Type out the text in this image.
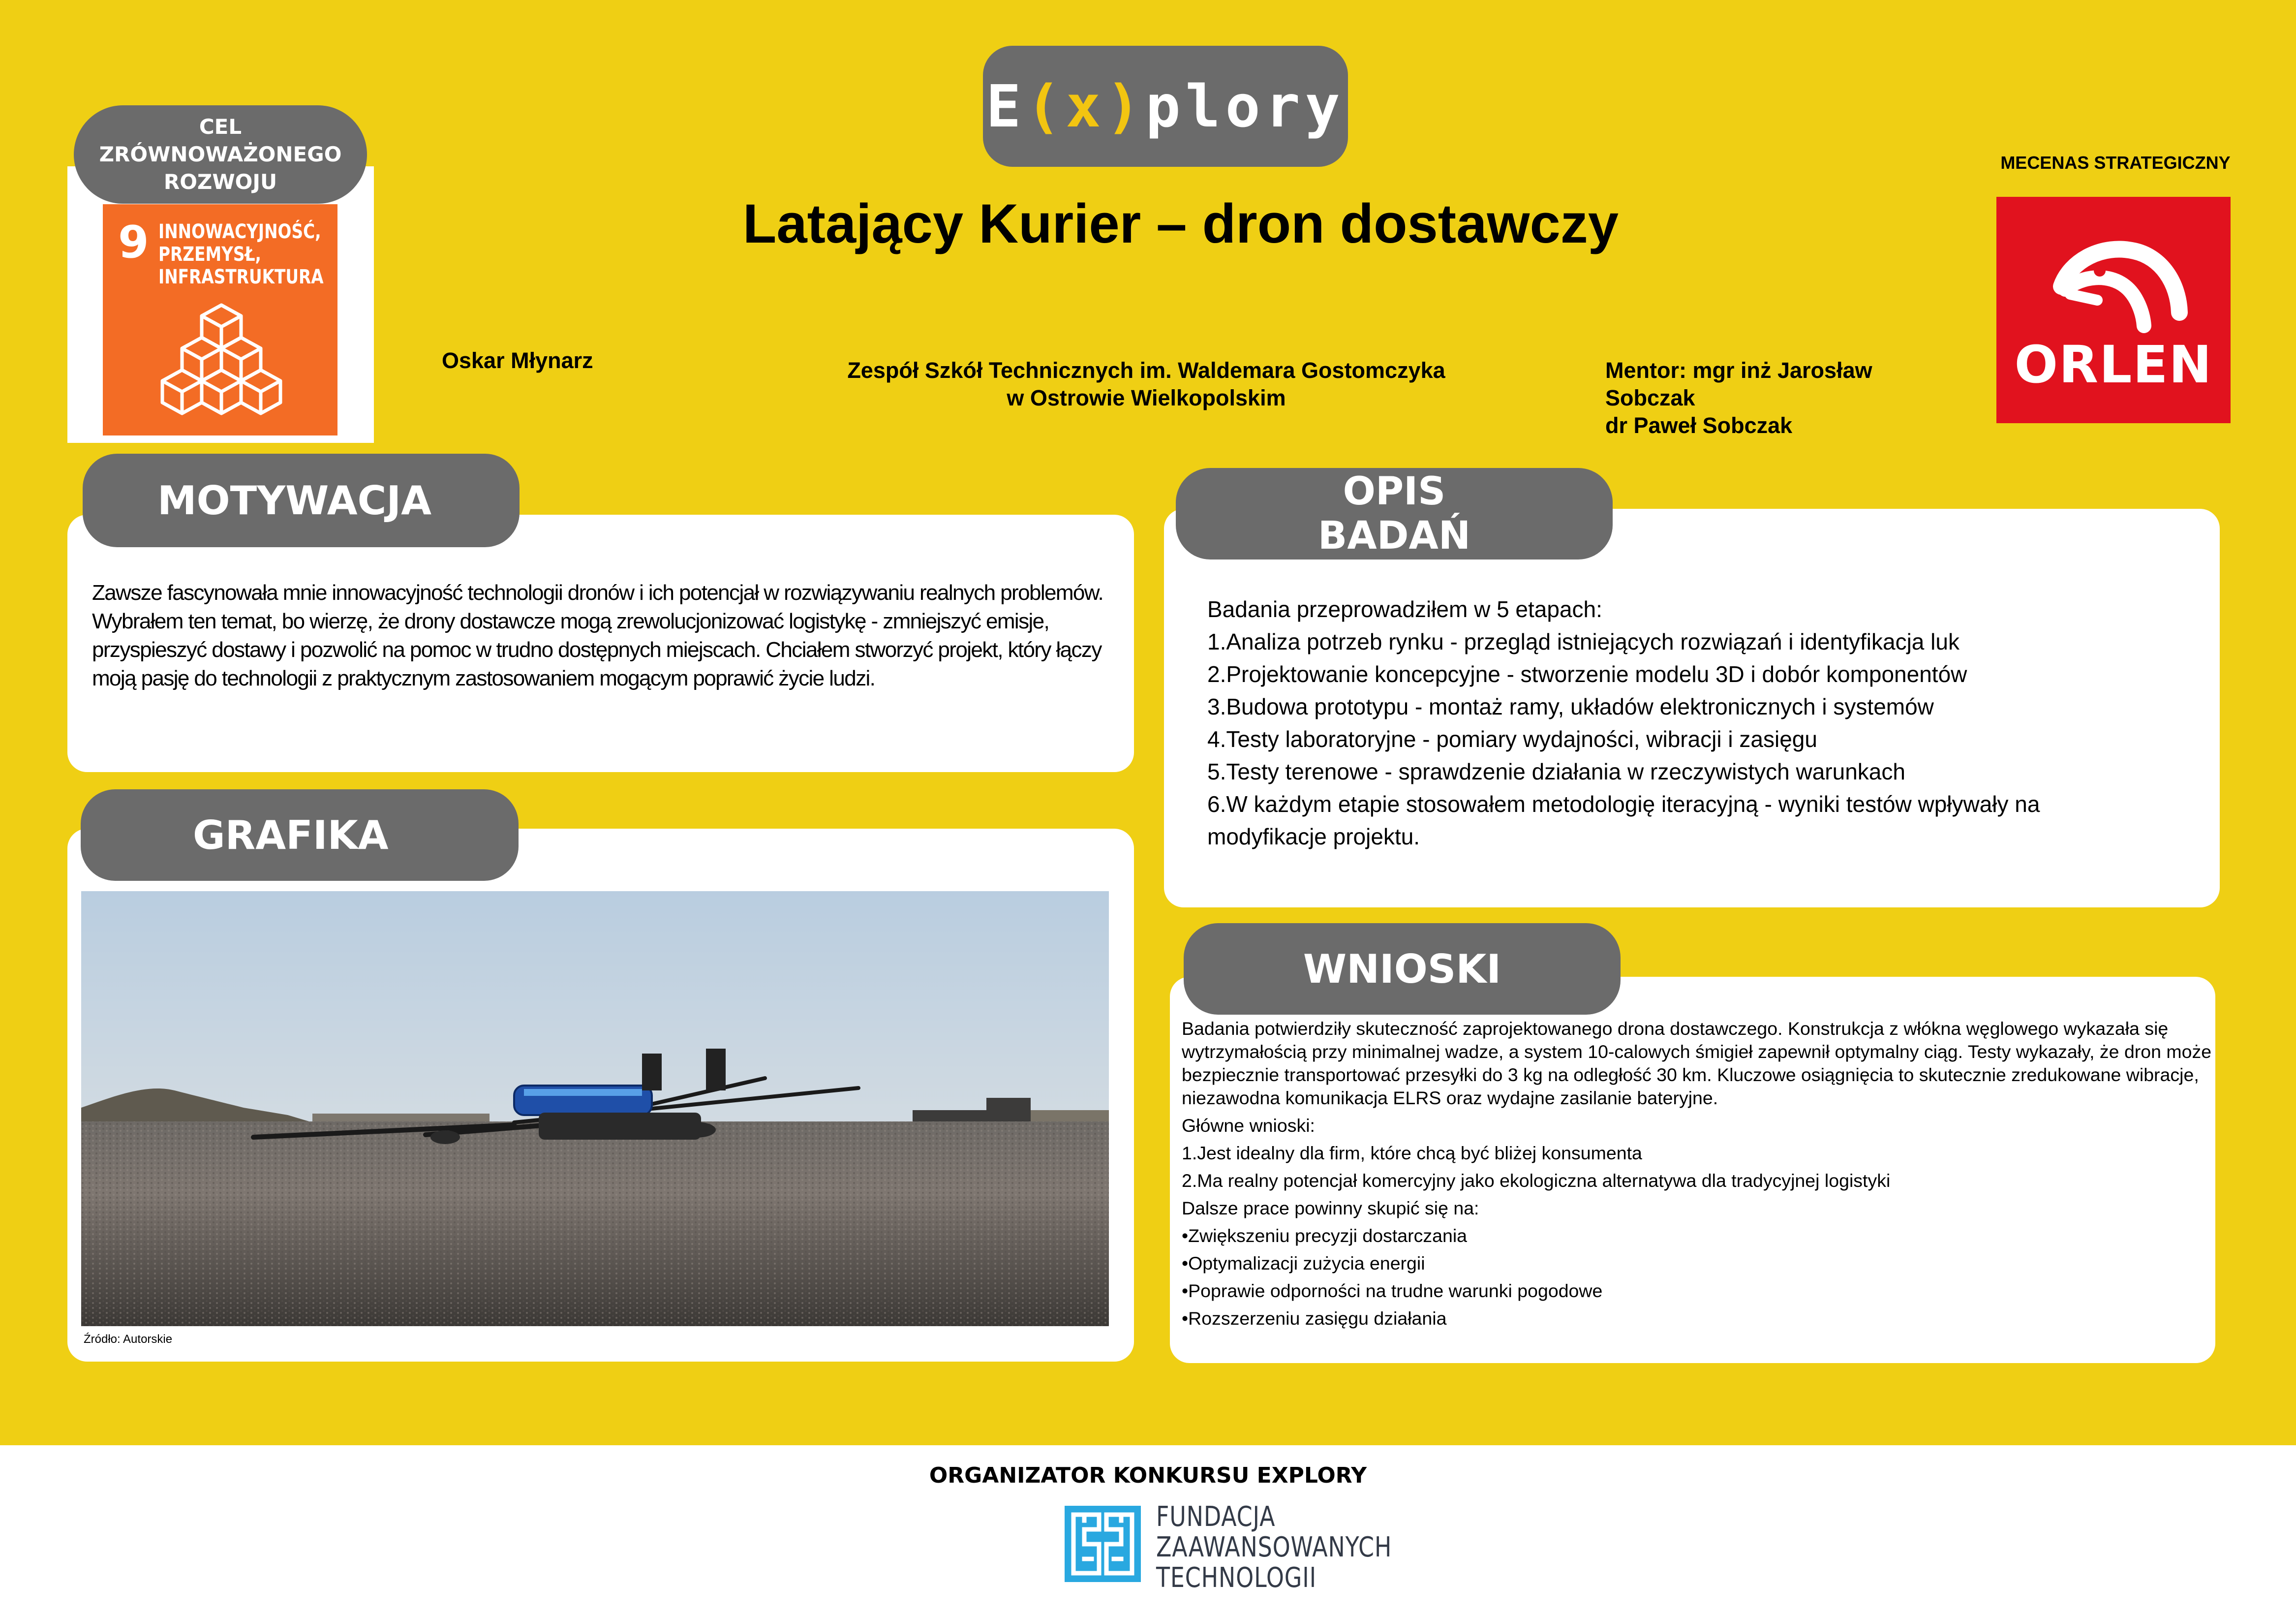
E ( x ) plory
Latający Kurier – dron dostawczy
9 INNOWACYJNOŚĆ,
PRZEMYSŁ,
INFRASTRUKTURA
CEL
ZRÓWNOWAŻONEGO
ROZWOJU
Oskar Młynarz	Zespół Szkół Technicznych im. Waldemara Gostomczyka
w Ostrowie Wielkopolskim
Mentor: mgr inż Jarosław
Sobczak
dr Paweł Sobczak
MECENAS STRATEGICZNY
ORLEN
MOTYWACJA
Zawsze fascynowała mnie innowacyjność technologii dronów i ich potencjał w rozwiązywaniu realnych problemów. Wybrałem ten temat, bo wierzę, że drony dostawcze mogą zrewolucjonizować logistykę - zmniejszyć emisje, przyspieszyć dostawy i pozwolić na pomoc w trudno dostępnych miejscach. Chciałem stworzyć projekt, który łączy moją pasję do technologii z praktycznym zastosowaniem mogącym poprawić życie ludzi.
GRAFIKA
Źródło: Autorskie
OPIS
BADAŃ
Badania przeprowadziłem w 5 etapach:
1.Analiza potrzeb rynku - przegląd istniejących rozwiązań i identyfikacja luk
2.Projektowanie koncepcyjne - stworzenie modelu 3D i dobór komponentów
3.Budowa prototypu - montaż ramy, układów elektronicznych i systemów
4.Testy laboratoryjne - pomiary wydajności, wibracji i zasięgu
5.Testy terenowe - sprawdzenie działania w rzeczywistych warunkach
6.W każdym etapie stosowałem metodologię iteracyjną - wyniki testów wpływały na modyfikacje projektu.
WNIOSKI
Badania potwierdziły skuteczność zaprojektowanego drona dostawczego. Konstrukcja z włókna węglowego wykazała się wytrzymałością przy minimalnej wadze, a system 10-calowych śmigieł zapewnił optymalny ciąg. Testy wykazały, że dron może bezpiecznie transportować przesyłki do 3 kg na odległość 30 km. Kluczowe osiągnięcia to skutecznie zredukowane wibracje, niezawodna komunikacja ELRS oraz wydajne zasilanie bateryjne.
Główne wnioski:
1.Jest idealny dla firm, które chcą być bliżej konsumenta
2.Ma realny potencjał komercyjny jako ekologiczna alternatywa dla tradycyjnej logistyki
Dalsze prace powinny skupić się na:
•Zwiększeniu precyzji dostarczania
•Optymalizacji zużycia energii
•Poprawie odporności na trudne warunki pogodowe
•Rozszerzeniu zasięgu działania
ORGANIZATOR KONKURSU EXPLORY
FUNDACJA
ZAAWANSOWANYCH
TECHNOLOGII
